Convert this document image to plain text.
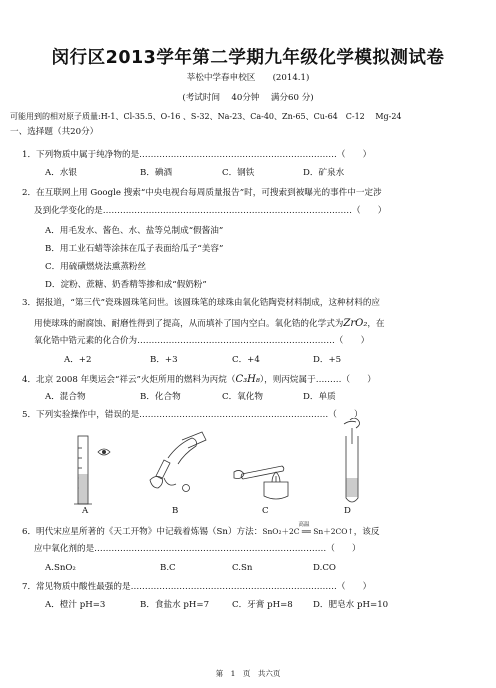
闵行区2013学年第二学期九年级化学模拟测试卷
莘松中学春申校区　　(2014.1)
(考试时间　 40分钟　 满分60 分)
可能用到的相对原子质量:H-1、Cl-35.5、O-16 、S-32、Na-23、Ca-40、Zn-65、Cu-64　C-12　 Mg-24
一、选择题（共20分）
1．下列物质中属于纯净物的是……………………………………………………………（　　）
A．水银	B．碘酒	C．钢铁	D．矿泉水
2．在互联网上用 Google 搜索“中央电视台每周质量报告”时，可搜索到被曝光的事件中一定涉
及到化学变化的是……………………………………………………………………………（　　）
A．用毛发水、酱色、水、盐等兑制成“假酱油”
B．用工业石蜡等涂抹在瓜子表面给瓜子“美容”
C．用硫磺燃烧法熏蒸粉丝
D．淀粉、蔗糖、奶香精等掺和成“假奶粉”
3．据报道，“第三代”瓷珠圆珠笔问世。该圆珠笔的球珠由氧化锆陶瓷材料制成，这种材料的应
用使球珠的耐腐蚀、耐磨性得到了提高，从而填补了国内空白。氧化锆的化学式为ZrO₂，在
氧化锆中锆元素的化合价为……………………………………………………………（　　）
A．+2	B．+3	C．+4	D．+5
4．北京 2008 年奥运会“祥云”火炬所用的燃料为丙烷（C₃H₈），则丙烷属于………（　　）
A．混合物	B．化合物	C．氧化物	D．单质
5．下列实验操作中，错误的是…………………………………………………………（　　）
A	B	C	D
6．明代宋应星所著的《天工开物》中记载着炼锡（Sn）方法：
高温
SnO₂＋2C ══ Sn＋2CO↑，该反
应中氧化剂的是………………………………………………………………………（　　）
A.SnO₂	B.C	C.Sn	D.CO
7．常见物质中酸性最强的是………………………………………………………………（　　）
A．橙汁 pH=3	B．食盐水 pH=7	C．牙膏 pH=8 D．肥皂水 pH=10
第　1　页　共六页
